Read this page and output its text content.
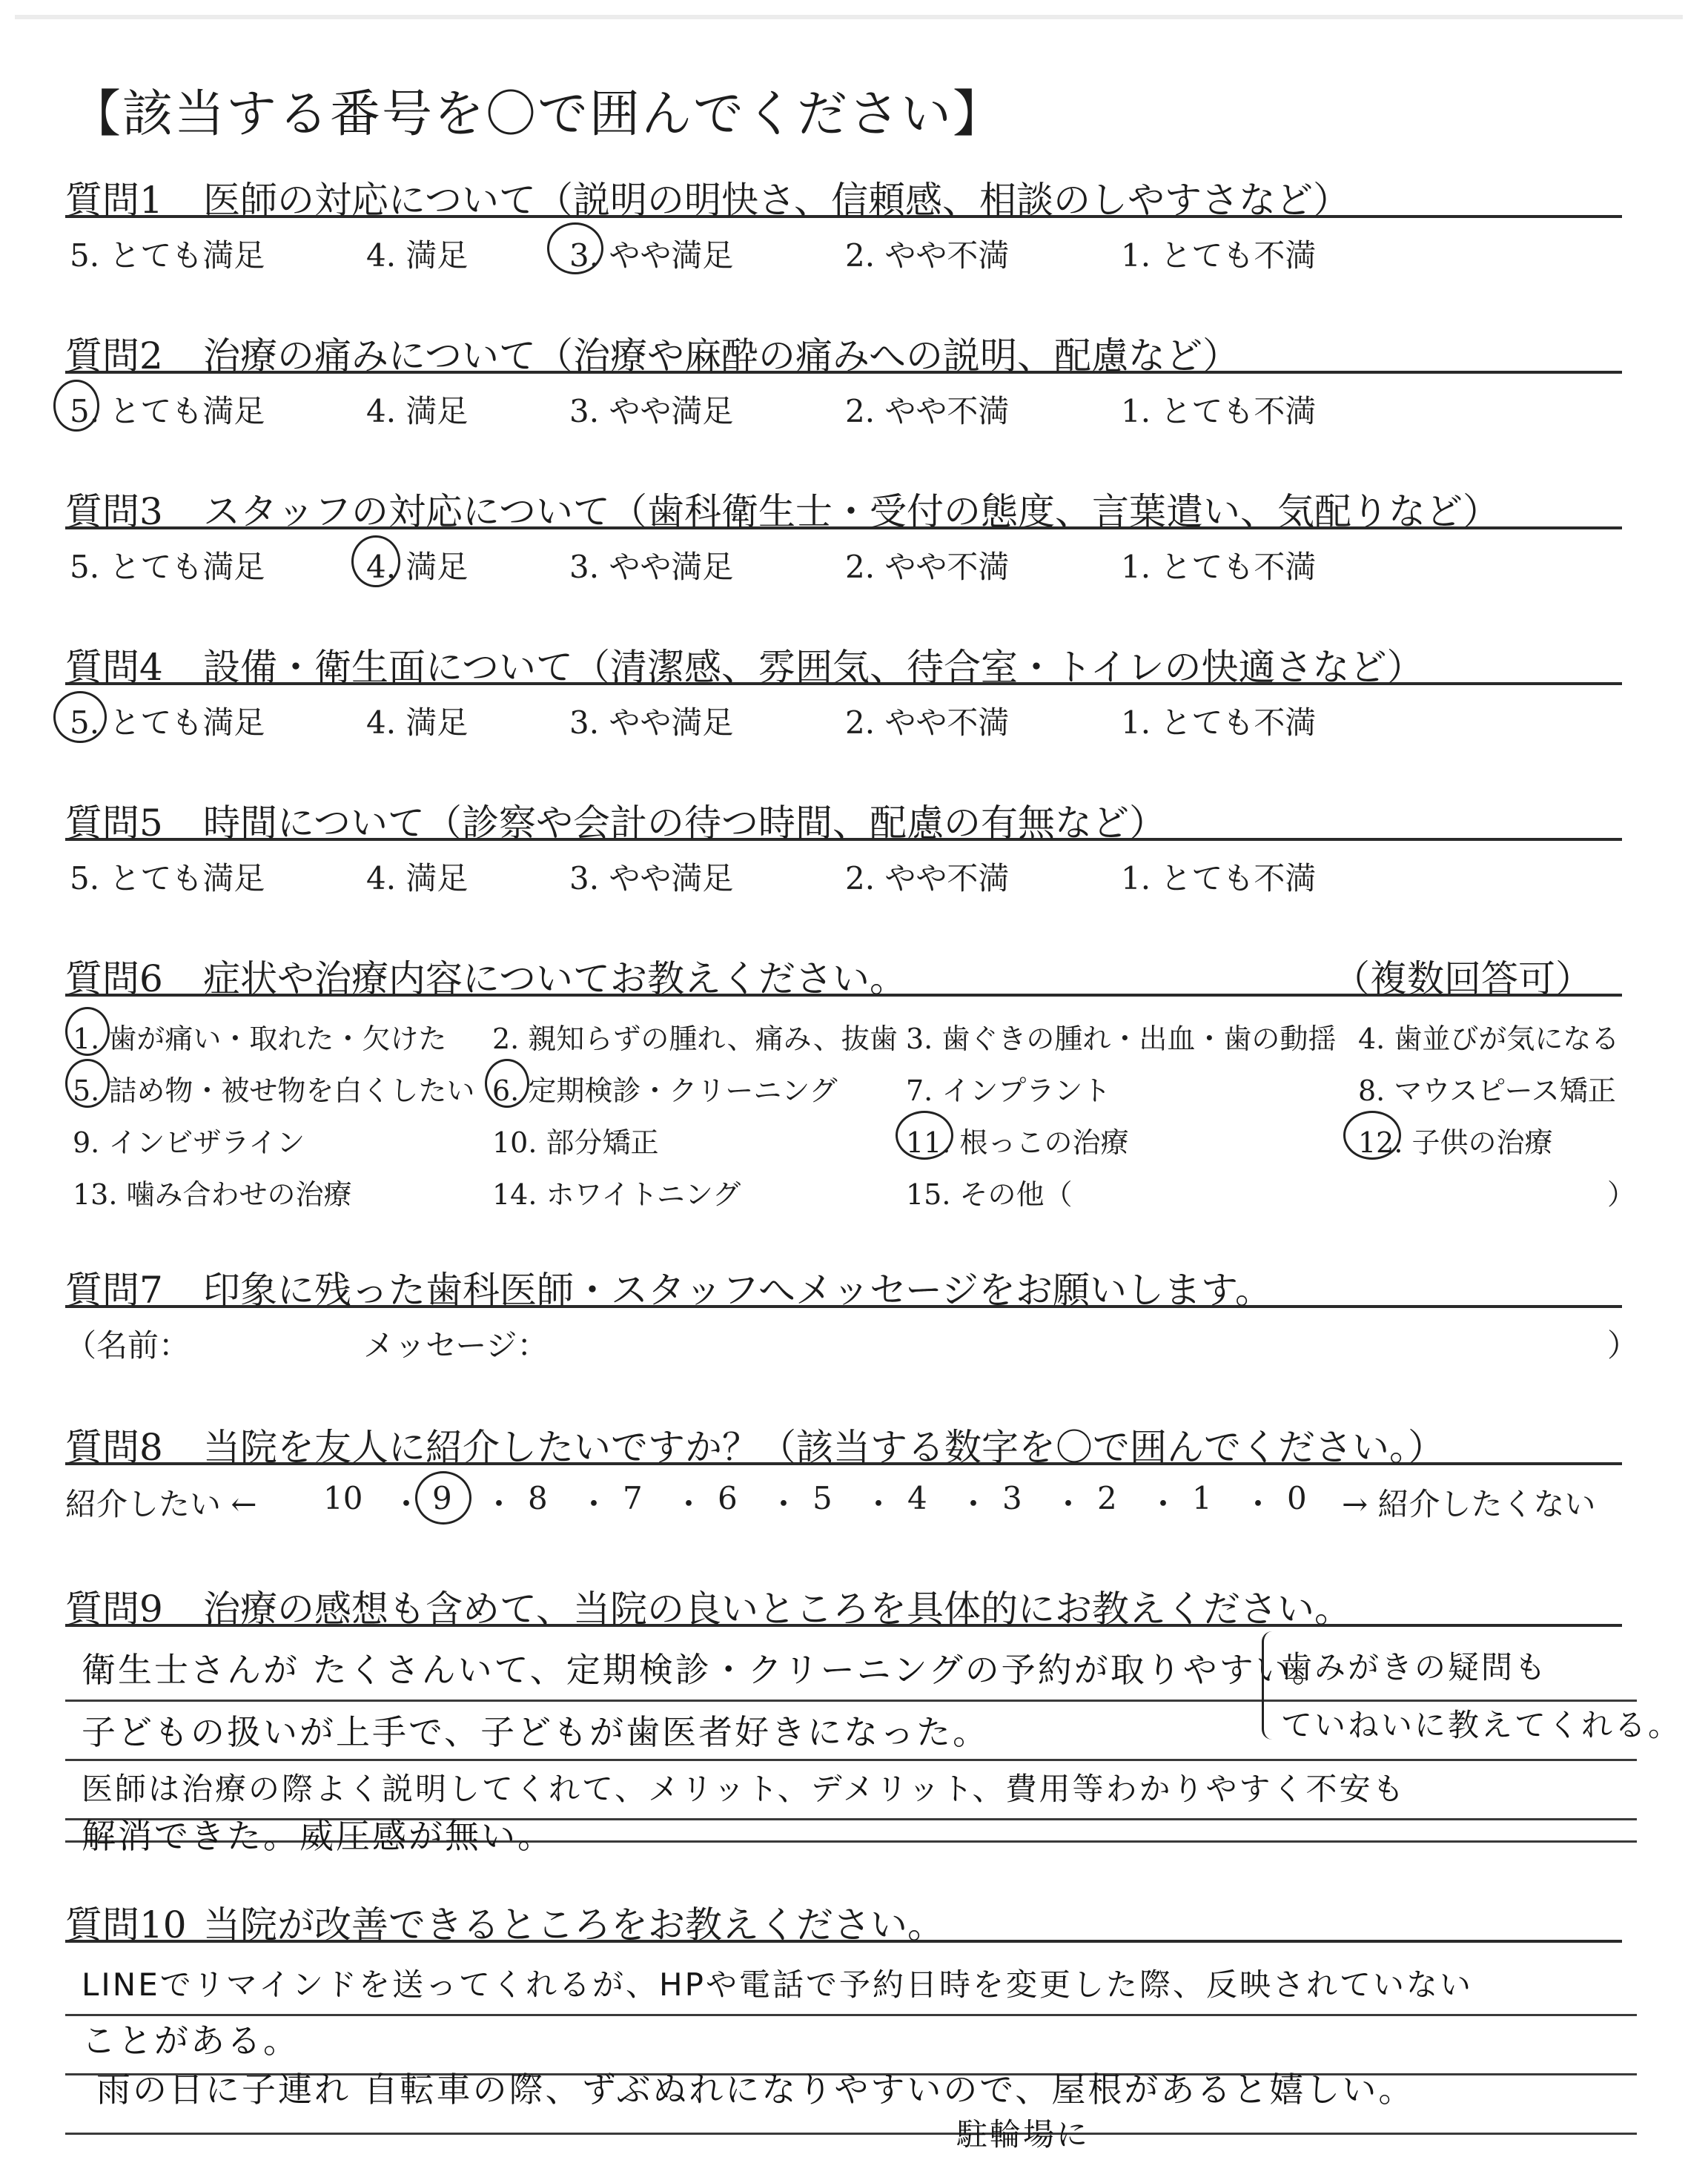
【該当する番号を〇で囲んでください】
質問1 医師の対応について（説明の明快さ、信頼感、相談のしやすさなど）
5. とても満足	4. 満足	3. やや満足	2. やや不満	1. とても不満
質問2 治療の痛みについて（治療や麻酔の痛みへの説明、配慮など）
5. とても満足	4. 満足	3. やや満足	2. やや不満	1. とても不満
質問3 スタッフの対応について（歯科衛生士・受付の態度、言葉遣い、気配りなど）
5. とても満足	4. 満足	3. やや満足	2. やや不満	1. とても不満
質問4 設備・衛生面について（清潔感、雰囲気、待合室・トイレの快適さなど）
5. とても満足	4. 満足	3. やや満足	2. やや不満	1. とても不満
質問5 時間について（診察や会計の待つ時間、配慮の有無など）
5. とても満足	4. 満足	3. やや満足	2. やや不満	1. とても不満
質問6 症状や治療内容についてお教えください。	（複数回答可）
1. 歯が痛い・取れた・欠けた 2. 親知らずの腫れ、痛み、抜歯 3. 歯ぐきの腫れ・出血・歯の動揺 4. 歯並びが気になる
5. 詰め物・被せ物を白くしたい 6. 定期検診・クリーニング 7. インプラント	8. マウスピース矯正
9. インビザライン	10. 部分矯正	11. 根っこの治療	12. 子供の治療
13. 噛み合わせの治療	14. ホワイトニング	15. その他（	）
質問7 印象に残った歯科医師・スタッフへメッセージをお願いします。
（名前：	メッセージ：	）
質問8 当院を友人に紹介したいですか？（該当する数字を〇で囲んでください。）
紹介したい ← 10 ・ 9 ・ 8 ・ 7 ・ 6 ・ 5 ・ 4 ・ 3 ・ 2 ・ 1 ・ 0 → 紹介したくない
質問9 治療の感想も含めて、当院の良いところを具体的にお教えください。
衛生士さんが たくさんいて、定期検診・クリーニングの予約が取りやすい。
子どもの扱いが上手で、子どもが歯医者好きになった。
医師は治療の際よく説明してくれて、メリット、デメリット、費用等わかりやすく不安も
解消できた。威圧感が無い。
歯みがきの疑問も
ていねいに教えてくれる。
質問10 当院が改善できるところをお教えください。
LINEでリマインドを送ってくれるが、HPや電話で予約日時を変更した際、反映されていない
ことがある。
雨の日に子連れ 自転車の際、ずぶぬれになりやすいので、屋根があると嬉しい。
駐輪場に
